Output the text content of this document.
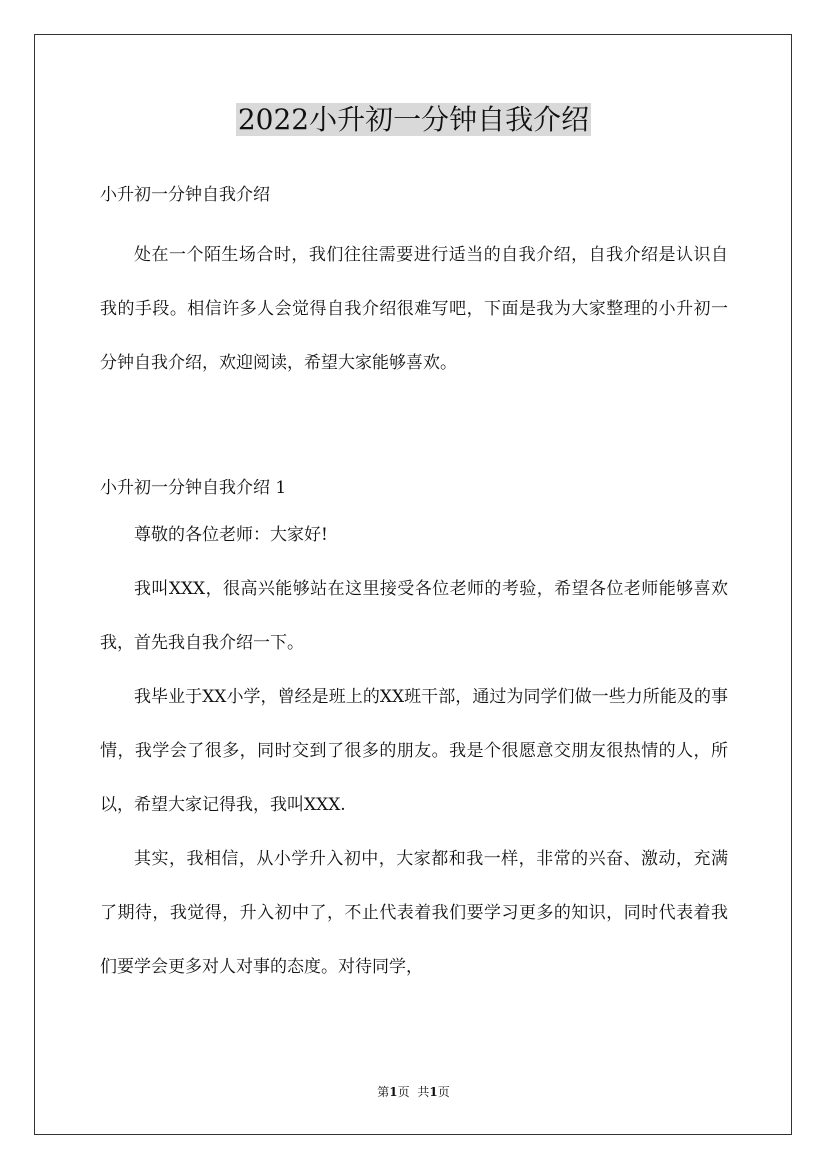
2022小升初一分钟自我介绍

小升初一分钟自我介绍

处在一个陌生场合时，我们往往需要进行适当的自我介绍，自我介绍是认识自我的手段。相信许多人会觉得自我介绍很难写吧，下面是我为大家整理的小升初一分钟自我介绍，欢迎阅读，希望大家能够喜欢。

小升初一分钟自我介绍 1

尊敬的各位老师：大家好!

我叫XXX，很高兴能够站在这里接受各位老师的考验，希望各位老师能够喜欢我，首先我自我介绍一下。

我毕业于XX小学，曾经是班上的XX班干部，通过为同学们做一些力所能及的事情，我学会了很多，同时交到了很多的朋友。我是个很愿意交朋友很热情的人，所以，希望大家记得我，我叫XXX.

其实，我相信，从小学升入初中，大家都和我一样，非常的兴奋、激动，充满了期待，我觉得，升入初中了，不止代表着我们要学习更多的知识，同时代表着我们要学会更多对人对事的态度。对待同学，

第1页 共1页
